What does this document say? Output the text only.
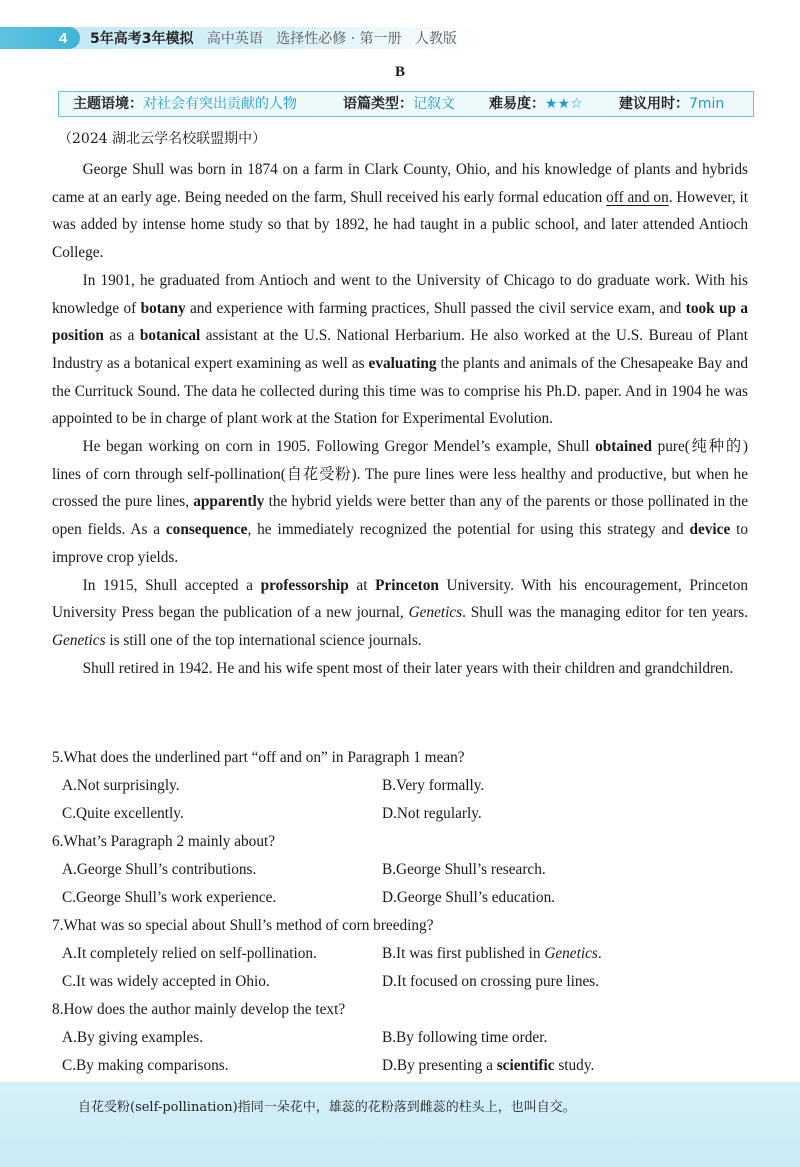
4	5年高考3年模拟 高中英语 选择性必修 · 第一册 人教版
B
主题语境：对社会有突出贡献的人物	语篇类型：记叙文 难易度：★★☆	建议用时：7min
（2024 湖北云学名校联盟期中）

George Shull was born in 1874 on a farm in Clark County, Ohio, and his knowledge of plants and hybrids came at an early age. Being needed on the farm, Shull received his early formal education off and on. However, it was added by intense home study so that by 1892, he had taught in a public school, and later attended Antioch College.

In 1901, he graduated from Antioch and went to the University of Chicago to do graduate work. With his knowledge of botany and experience with farming practices, Shull passed the civil service exam, and took up a position as a botanical assistant at the U.S. National Herbarium. He also worked at the U.S. Bureau of Plant Industry as a botanical expert examining as well as evaluating the plants and animals of the Chesapeake Bay and the Currituck Sound. The data he collected during this time was to comprise his Ph.D. paper. And in 1904 he was appointed to be in charge of plant work at the Station for Experimental Evolution.

He began working on corn in 1905. Following Gregor Mendel’s example, Shull obtained pure(纯种的) lines of corn through self-pollination(自花受粉). The pure lines were less healthy and productive, but when he crossed the pure lines, apparently the hybrid yields were better than any of the parents or those pollinated in the open fields. As a consequence, he immediately recognized the potential for using this strategy and device to improve crop yields.

In 1915, Shull accepted a professorship at Princeton University. With his encouragement, Princeton University Press began the publication of a new journal, Genetics. Shull was the managing editor for ten years. Genetics is still one of the top international science journals.

Shull retired in 1942. He and his wife spent most of their later years with their children and grandchildren.

5.What does the underlined part “off and on” in Paragraph 1 mean?
A.Not surprisingly.	B.Very formally.
C.Quite excellently.	D.Not regularly.
6.What’s Paragraph 2 mainly about?
A.George Shull’s contributions.	B.George Shull’s research.
C.George Shull’s work experience.	D.George Shull’s education.
7.What was so special about Shull’s method of corn breeding?
A.It completely relied on self-pollination.	B.It was first published in Genetics.
C.It was widely accepted in Ohio.	D.It focused on crossing pure lines.
8.How does the author mainly develop the text?
A.By giving examples.	B.By following time order.
C.By making comparisons.	D.By presenting a scientific study.
自花受粉(self-pollination)指同一朵花中，雄蕊的花粉落到雌蕊的柱头上，也叫自交。
